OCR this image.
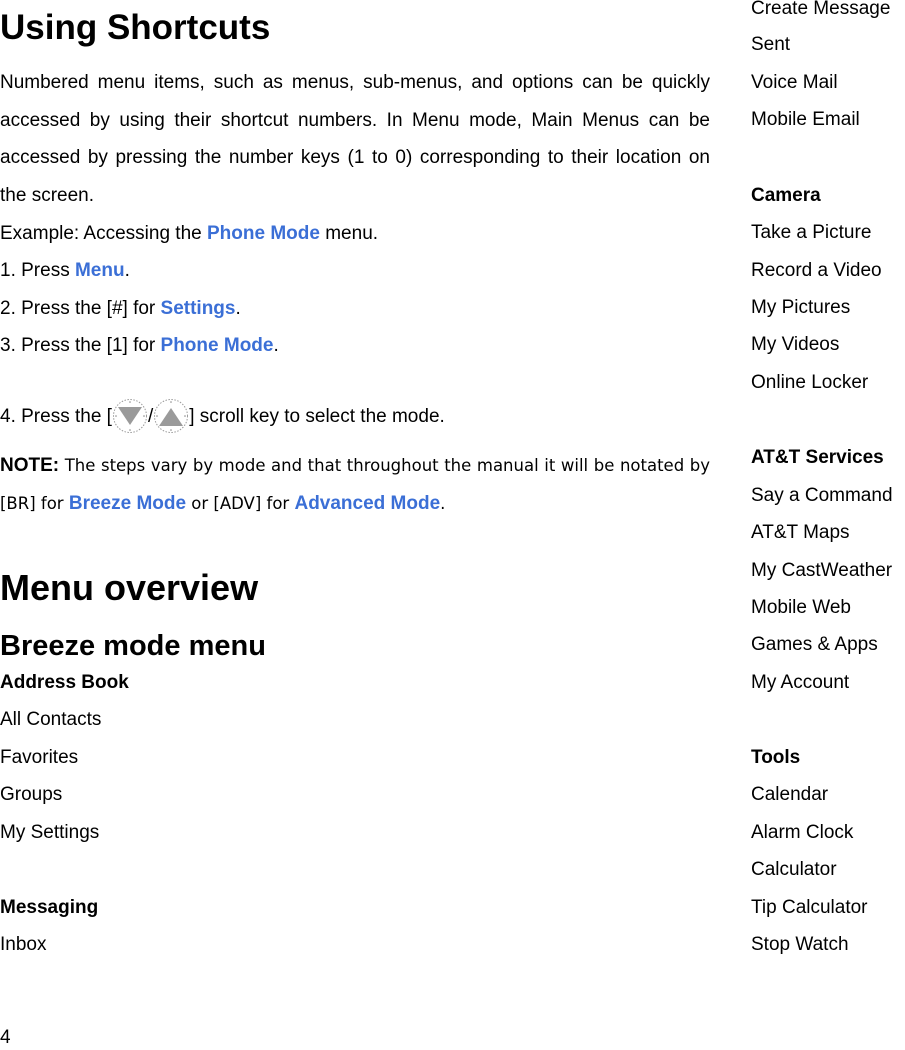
Using Shortcuts
Numbered menu items, such as menus, sub-menus, and options can be quickly accessed by using their shortcut numbers. In Menu mode, Main Menus can be accessed by pressing the number keys (1 to 0) corresponding to their location on the screen.
Example: Accessing the Phone Mode menu.
1. Press Menu.
2. Press the [#] for Settings.
3. Press the [1] for Phone Mode.
4. Press the [ / ] scroll key to select the mode.
NOTE: The steps vary by mode and that throughout the manual it will be notated by [BR] for Breeze Mode or [ADV] for Advanced Mode.
Menu overview
Breeze mode menu
Address Book
All Contacts
Favorites
Groups
My Settings
Messaging
Inbox
Create Message
Sent
Voice Mail
Mobile Email
Camera
Take a Picture
Record a Video
My Pictures
My Videos
Online Locker
AT&T Services
Say a Command
AT&T Maps
My CastWeather
Mobile Web
Games & Apps
My Account
Tools
Calendar
Alarm Clock
Calculator
Tip Calculator
Stop Watch
4
